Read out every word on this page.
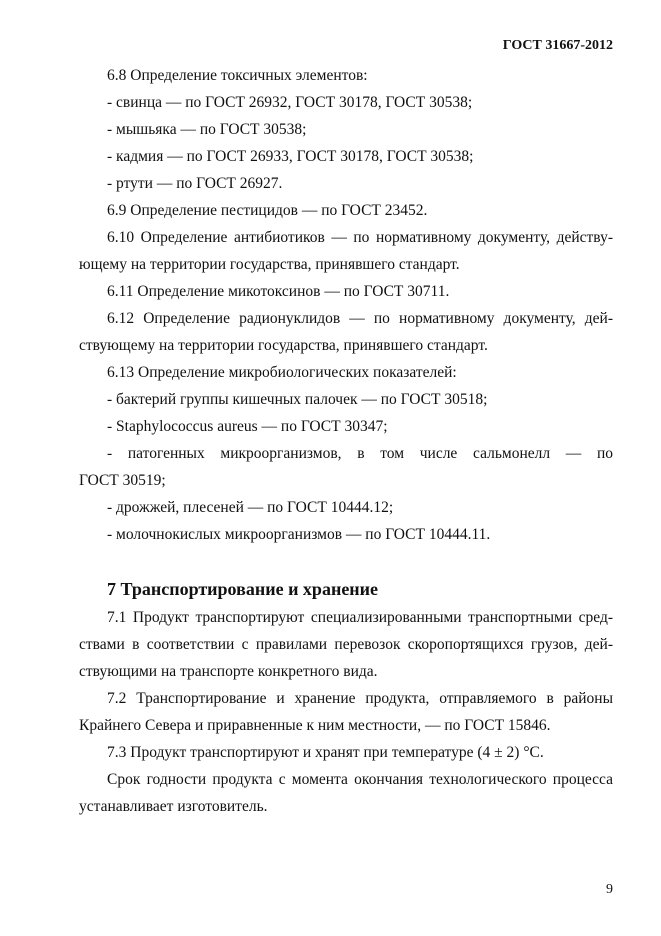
ГОСТ 31667-2012
6.8 Определение токсичных элементов:
- свинца — по ГОСТ 26932, ГОСТ 30178, ГОСТ 30538;
- мышьяка — по ГОСТ 30538;
- кадмия — по ГОСТ 26933, ГОСТ 30178, ГОСТ 30538;
- ртути — по ГОСТ 26927.
6.9 Определение пестицидов — по ГОСТ 23452.
6.10 Определение антибиотиков — по нормативному документу, действу-
ющему на территории государства, принявшего стандарт.
6.11 Определение микотоксинов — по ГОСТ 30711.
6.12 Определение радионуклидов — по нормативному документу, дей-
ствующему на территории государства, принявшего стандарт.
6.13 Определение микробиологических показателей:
- бактерий группы кишечных палочек — по ГОСТ 30518;
- Staphylococcus aureus — по ГОСТ 30347;
- патогенных микроорганизмов, в том числе сальмонелл — по
ГОСТ 30519;
- дрожжей, плесеней — по ГОСТ 10444.12;
- молочнокислых микроорганизмов — по ГОСТ 10444.11.
7 Транспортирование и хранение
7.1 Продукт транспортируют специализированными транспортными сред-
ствами в соответствии с правилами перевозок скоропортящихся грузов, дей-
ствующими на транспорте конкретного вида.
7.2 Транспортирование и хранение продукта, отправляемого в районы
Крайнего Севера и приравненные к ним местности, — по ГОСТ 15846.
7.3 Продукт транспортируют и хранят при температуре (4 ± 2) °С.
Срок годности продукта с момента окончания технологического процесса
устанавливает изготовитель.
9
